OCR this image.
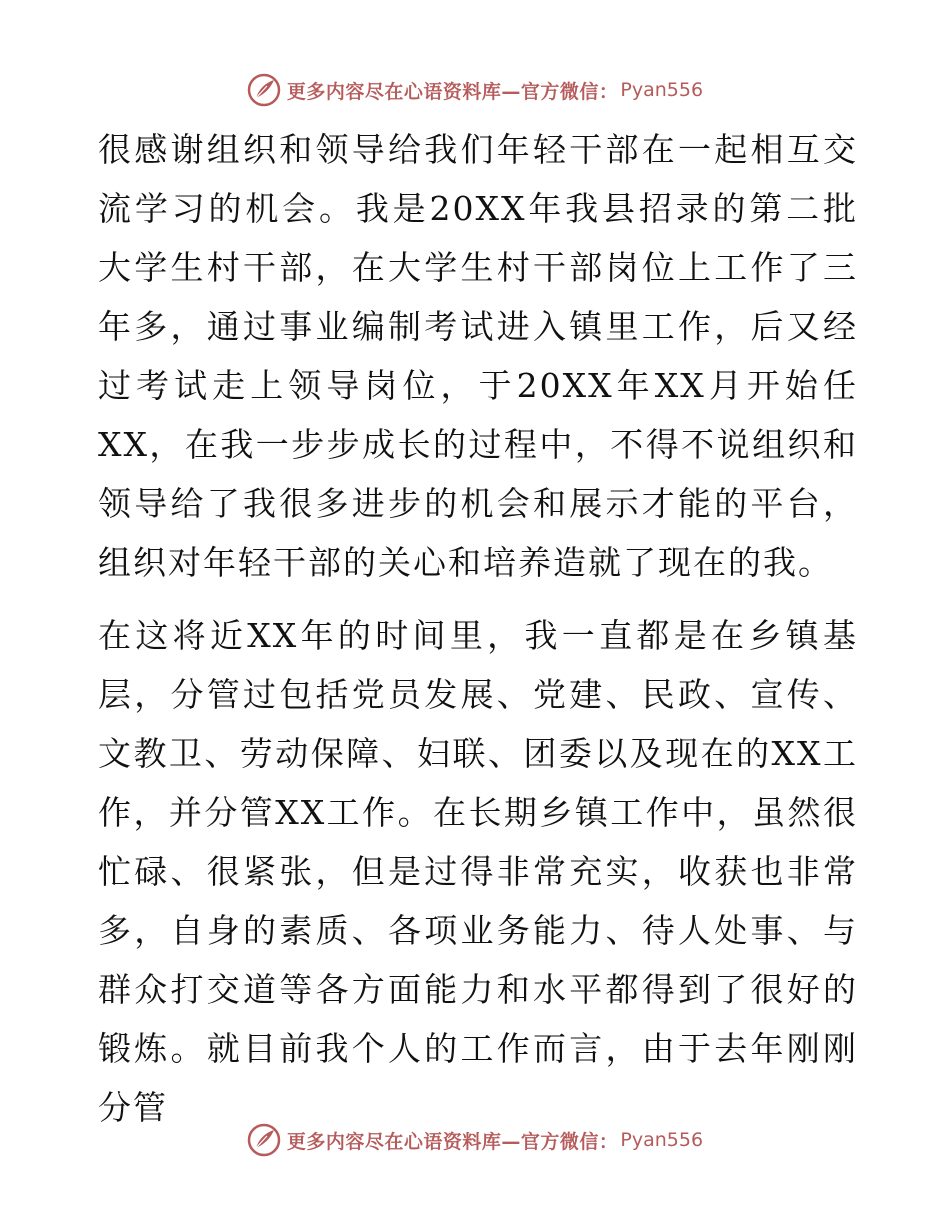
更多内容尽在心语资料库—官方微信： Pyan556

很感谢组织和领导给我们年轻干部在一起相互交流学习的机会。我是20XX年我县招录的第二批大学生村干部，在大学生村干部岗位上工作了三年多，通过事业编制考试进入镇里工作，后又经过考试走上领导岗位，于20XX年XX月开始任XX，在我一步步成长的过程中，不得不说组织和领导给了我很多进步的机会和展示才能的平台，组织对年轻干部的关心和培养造就了现在的我。

在这将近XX年的时间里，我一直都是在乡镇基层，分管过包括党员发展、党建、民政、宣传、文教卫、劳动保障、妇联、团委以及现在的XX工作，并分管XX工作。在长期乡镇工作中，虽然很忙碌、很紧张，但是过得非常充实，收获也非常多，自身的素质、各项业务能力、待人处事、与群众打交道等各方面能力和水平都得到了很好的锻炼。就目前我个人的工作而言，由于去年刚刚分管

更多内容尽在心语资料库—官方微信： Pyan556
